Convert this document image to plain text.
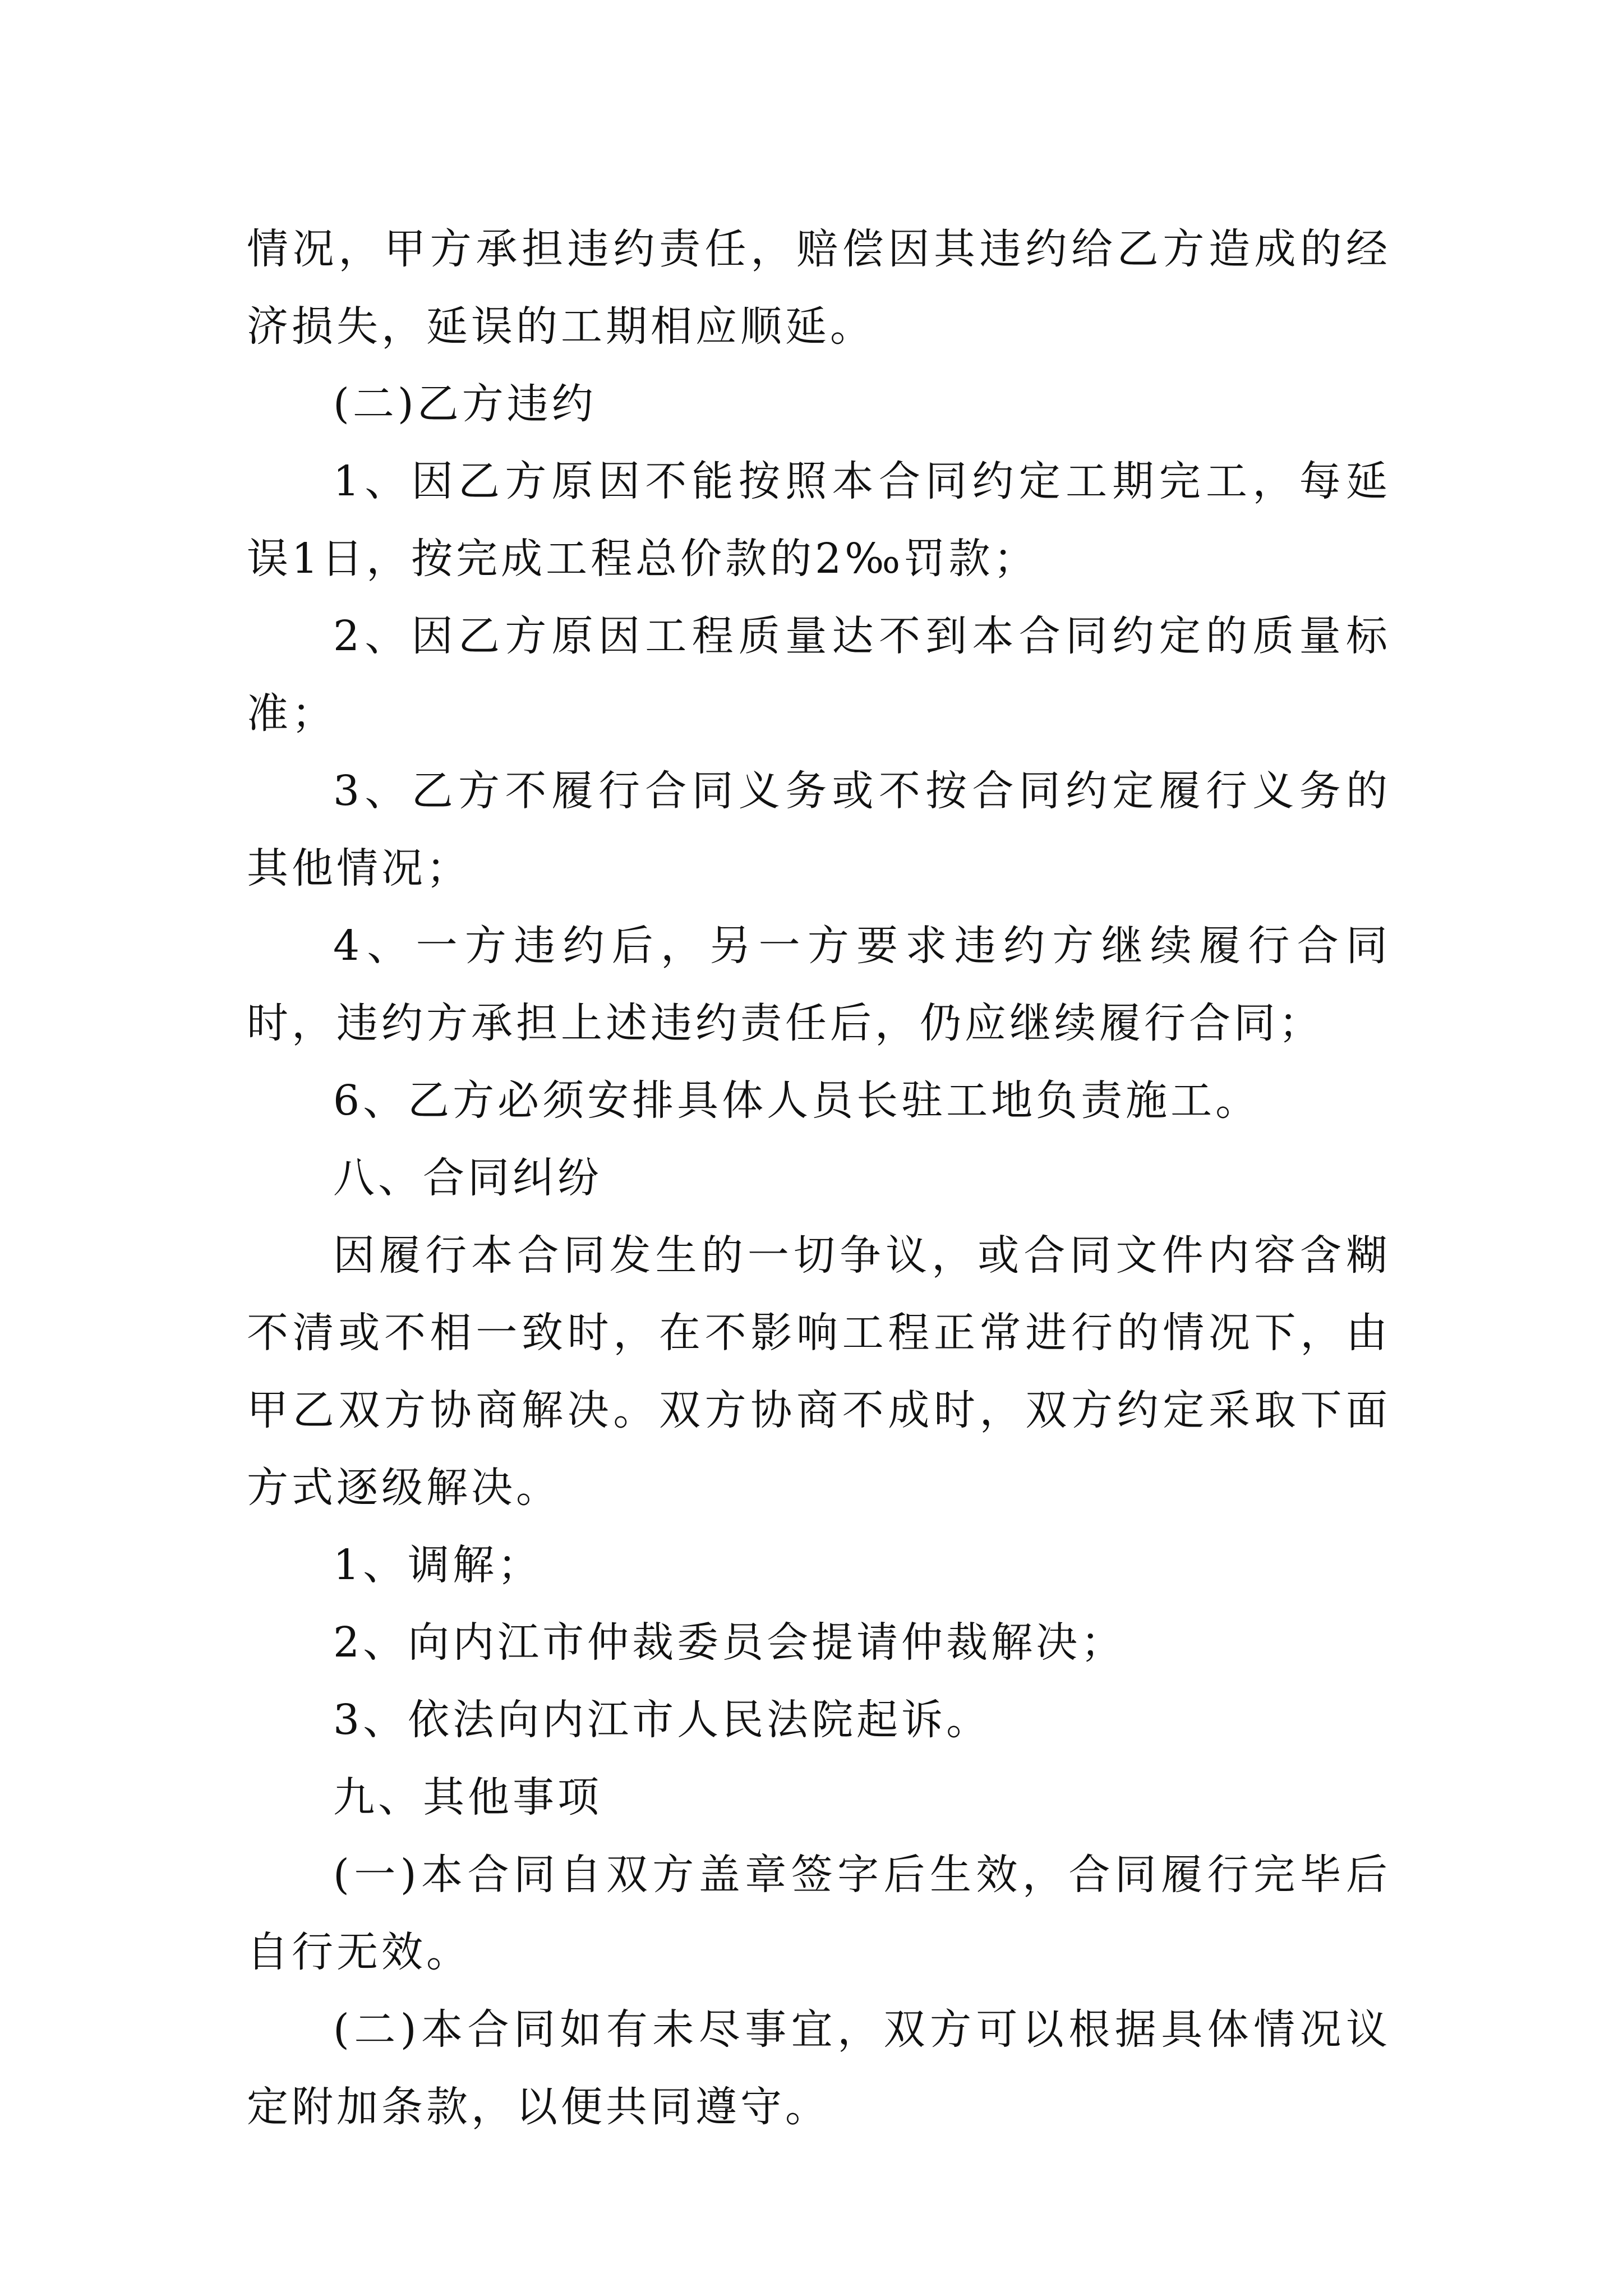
情况，甲方承担违约责任，赔偿因其违约给乙方造成的经济损失，延误的工期相应顺延。

(二)乙方违约

1、因乙方原因不能按照本合同约定工期完工，每延误1日，按完成工程总价款的2‰罚款；

2、因乙方原因工程质量达不到本合同约定的质量标准；

3、乙方不履行合同义务或不按合同约定履行义务的其他情况；

4、一方违约后，另一方要求违约方继续履行合同时，违约方承担上述违约责任后，仍应继续履行合同；

6、乙方必须安排具体人员长驻工地负责施工。

八、合同纠纷

因履行本合同发生的一切争议，或合同文件内容含糊不清或不相一致时，在不影响工程正常进行的情况下，由甲乙双方协商解决。双方协商不成时，双方约定采取下面方式逐级解决。

1、调解；

2、向内江市仲裁委员会提请仲裁解决；

3、依法向内江市人民法院起诉。

九、其他事项

(一)本合同自双方盖章签字后生效，合同履行完毕后自行无效。

(二)本合同如有未尽事宜，双方可以根据具体情况议定附加条款，以便共同遵守。
